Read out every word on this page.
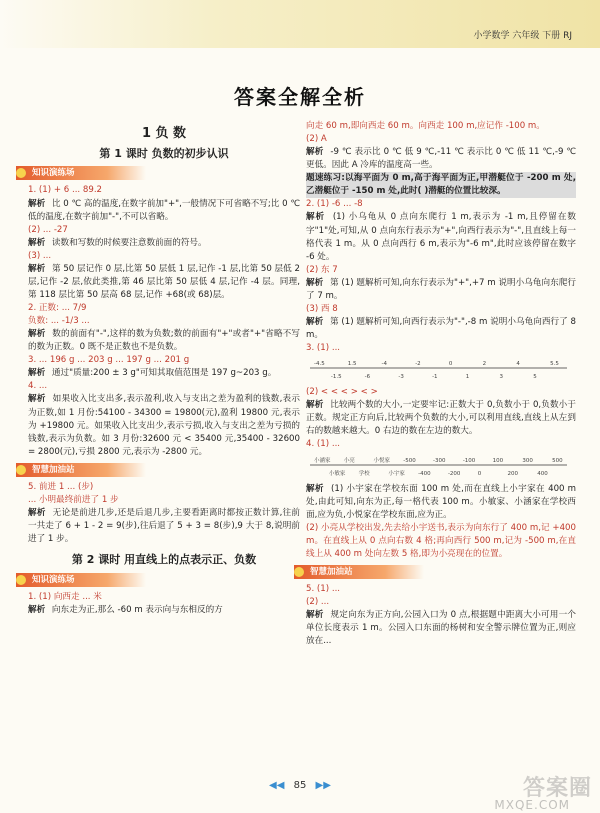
小学数学 六年级 下册 RJ
答案全解全析
1 负 数
第 1 课时 负数的初步认识
知识演练场
1. (1) + 6 ... 89.2
解析 比 0 ℃ 高的温度,在数字前加"+",一般情况下可省略不写;比 0 ℃ 低的温度,在数字前加"-",不可以省略。
(2) ... -27
解析 读数和写数的时候要注意数前面的符号。
(3) ...
解析 第 50 层记作 0 层,比第 50 层低 1 层,记作 -1 层,比第 50 层低 2 层,记作 -2 层,依此类推,第 46 层比第 50 层低 4 层,记作 -4 层。同理,第 118 层比第 50 层高 68 层,记作 +68(或 68)层。
2. 正数: ... 7/9
负数: ... -1/3 ...
解析 数的前面有"-",这样的数为负数;数的前面有"+"或者"+"省略不写的数为正数。0 既不是正数也不是负数。
3. ... 196 g ... 203 g ... 197 g ... 201 g
解析 通过"质量:200 ± 3 g"可知其取值范围是 197 g~203 g。
4. ...
解析 如果收入比支出多,表示盈利,收入与支出之差为盈利的钱数,表示为正数,如 1 月份:54100 - 34300 = 19800(元),盈利 19800 元,表示为 +19800 元。如果收入比支出少,表示亏损,收入与支出之差为亏损的钱数,表示为负数。如 3 月份:32600 元 < 35400 元,35400 - 32600 = 2800(元),亏损 2800 元,表示为 -2800 元。
智慧加油站
5. 前进 1 ... (步)
... 小明最终前进了 1 步
解析 无论是前进几步,还是后退几步,主要看距离时都按正数计算,往前一共走了 6 + 1 - 2 = 9(步),往后退了 5 + 3 = 8(步),9 大于 8,说明前进了 1 步。
第 2 课时 用直线上的点表示正、负数
知识演练场
1. (1) 向西走 ... 米
解析 向东走为正,那么 -60 m 表示向与东相反的方
向走 60 m,即向西走 60 m。向西走 100 m,应记作 -100 m。
(2) A
解析 -9 ℃ 表示比 0 ℃ 低 9 ℃,-11 ℃ 表示比 0 ℃ 低 11 ℃,-9 ℃ 更低。因此 A 冷库的温度高一些。
题速练习:以海平面为 0 m,高于海平面为正,甲潜艇位于 -200 m 处,乙潜艇位于 -150 m 处,此时( )潜艇的位置比较深。
2. (1) -6 ... -8
解析 (1) 小乌龟从 0 点向东爬行 1 m,表示为 -1 m,且停留在数字"1"处,可知,从 0 点向东行表示为"+",向西行表示为"-",且直线上每一格代表 1 m。从 0 点向西行 6 m,表示为"-6 m",此时应该停留在数字 -6 处。
(2) 东 7
解析 第 (1) 题解析可知,向东行表示为"+",+7 m 说明小乌龟向东爬行了 7 m。
(3) 西 8
解析 第 (1) 题解析可知,向西行表示为"-",-8 m 说明小乌龟向西行了 8 m。
3. (1) ...
-4.5
-1.5
1.5
-6
-4
-3
-2
-1
0
1
2
3
4
5
5.5
(2) < < < > < >
解析 比较两个数的大小,一定要牢记:正数大于 0,负数小于 0,负数小于正数。规定正方向后,比较两个负数的大小,可以利用直线,直线上从左到右的数越来越大。0 右边的数在左边的数大。
4. (1) ...
小涵家
小敏家
小亮
学校
小悦家
小宇家
-500
-400
-300
-200
-100
0
100
200
300
400
500
解析 (1) 小宇家在学校东面 100 m 处,而在直线上小宇家在 400 m 处,由此可知,向东为正,每一格代表 100 m。小敏家、小涵家在学校西面,应为负,小悦家在学校东面,应为正。
(2) 小亮从学校出发,先去给小宇送书,表示为向东行了 400 m,记 +400 m。在直线上从 0 点向右数 4 格;再向西行 500 m,记为 -500 m,在直线上从 400 m 处向左数 5 格,即为小亮现在的位置。
智慧加油站
5. (1) ...
(2) ...
解析 规定向东为正方向,公园入口为 0 点,根据题中距离大小可用一个单位长度表示 1 m。公园入口东面的杨树和安全警示牌位置为正,则应放在...
◀◀ 85 ▶▶	答案圈
MXQE.COM
